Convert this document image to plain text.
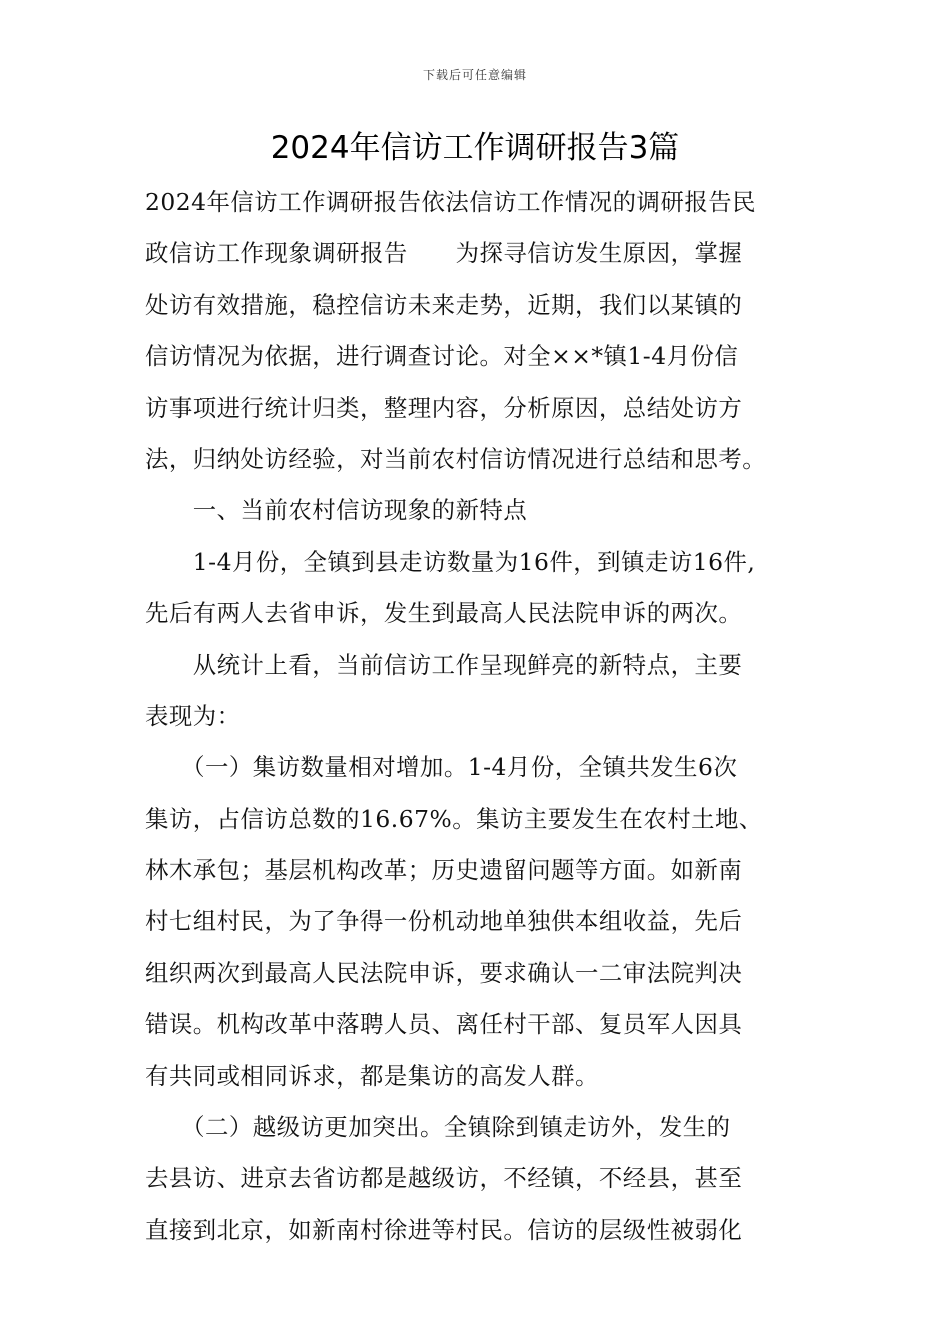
下载后可任意编辑
2024年信访工作调研报告3篇
2024年信访工作调研报告依法信访工作情况的调研报告民
政信访工作现象调研报告　　为探寻信访发生原因，掌握
处访有效措施，稳控信访未来走势，近期，我们以某镇的
信访情况为依据，进行调查讨论。对全××*镇1-4月份信
访事项进行统计归类，整理内容，分析原因，总结处访方
法，归纳处访经验，对当前农村信访情况进行总结和思考。
　　一、当前农村信访现象的新特点
　　1-4月份，全镇到县走访数量为16件，到镇走访16件,
先后有两人去省申诉，发生到最高人民法院申诉的两次。
　　从统计上看，当前信访工作呈现鲜亮的新特点，主要
表现为：
　　（一）集访数量相对增加。1-4月份，全镇共发生6次
集访，占信访总数的16.67%。集访主要发生在农村土地、
林木承包；基层机构改革；历史遗留问题等方面。如新南
村七组村民，为了争得一份机动地单独供本组收益，先后
组织两次到最高人民法院申诉，要求确认一二审法院判决
错误。机构改革中落聘人员、离任村干部、复员军人因具
有共同或相同诉求，都是集访的高发人群。
　　（二）越级访更加突出。全镇除到镇走访外，发生的
去县访、进京去省访都是越级访，不经镇，不经县，甚至
直接到北京，如新南村徐进等村民。信访的层级性被弱化
